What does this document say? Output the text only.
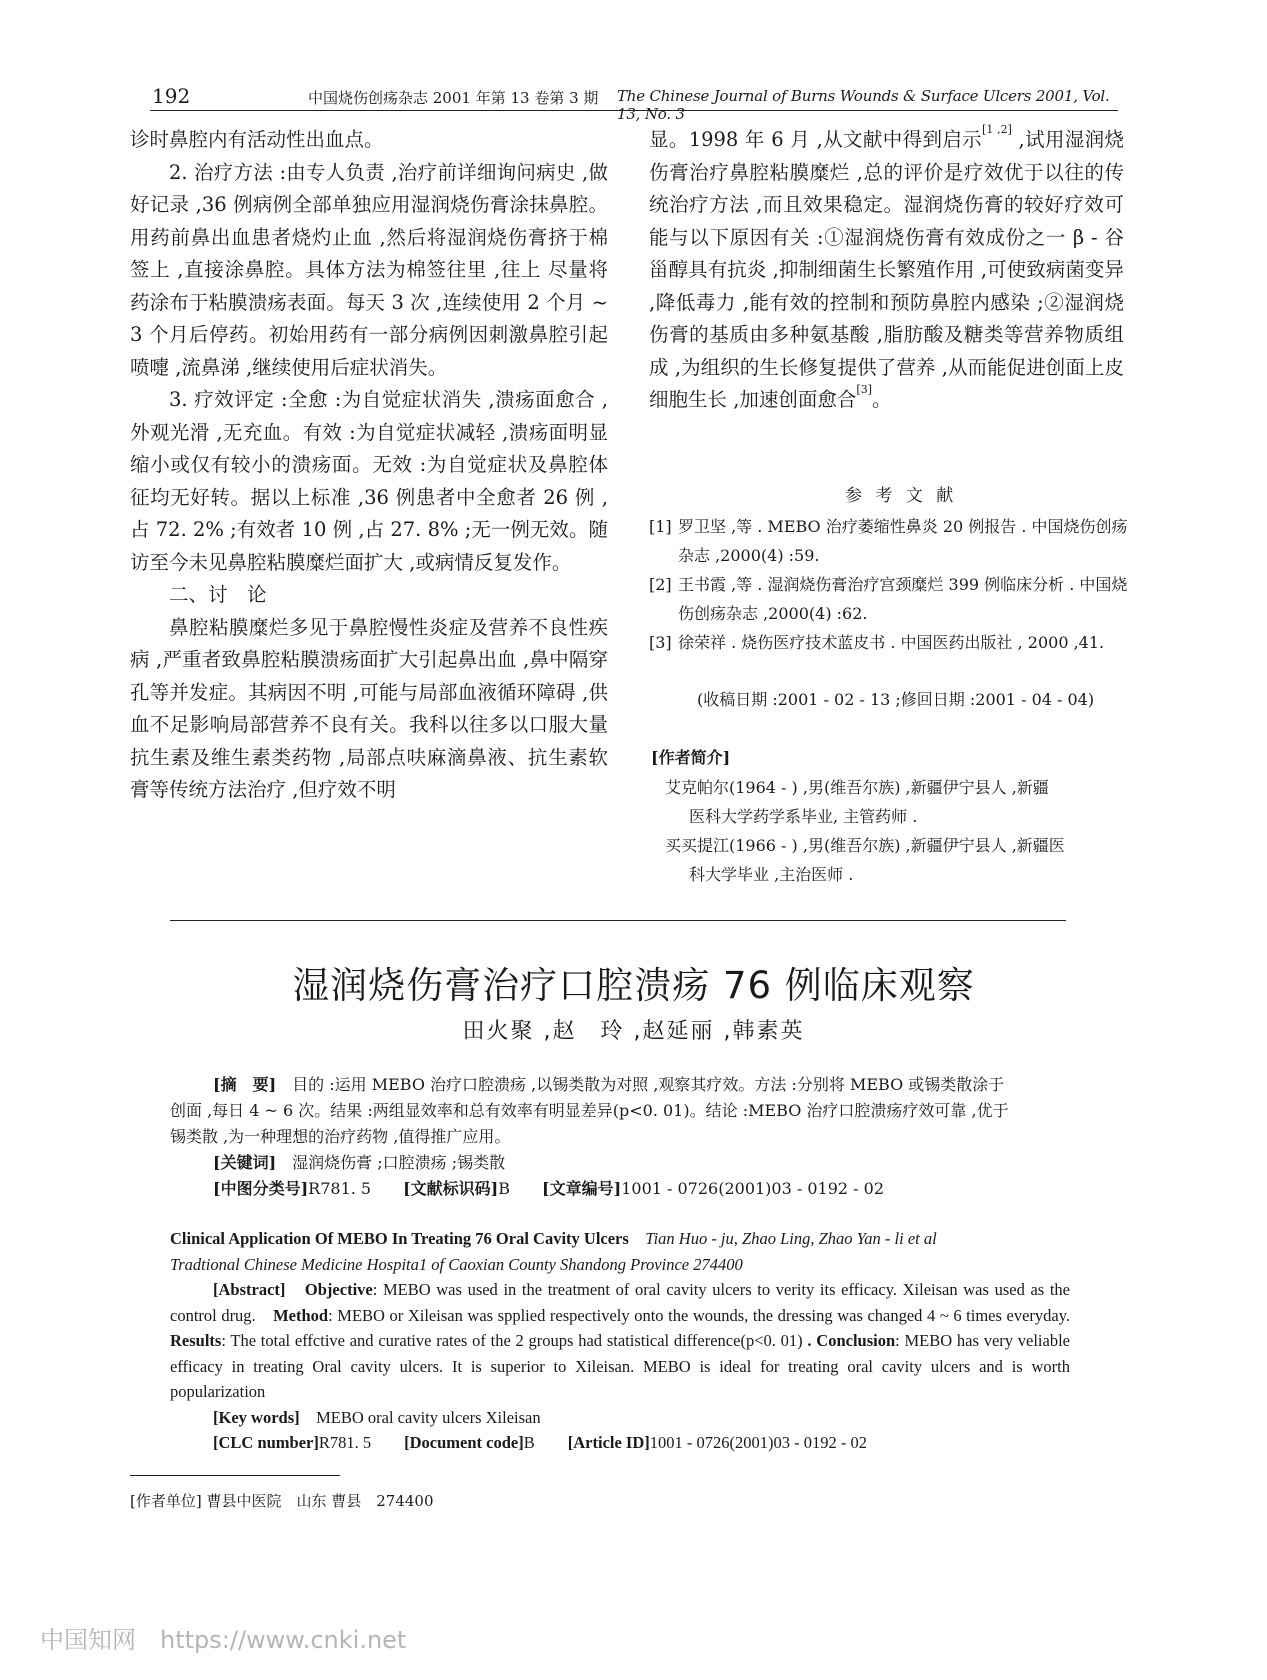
192	中国烧伤创疡杂志 2001 年第 13 卷第 3 期 The Chinese Journal of Burns Wounds & Surface Ulcers 2001, Vol. 13, No. 3

诊时鼻腔内有活动性出血点。

2. 治疗方法 :由专人负责 ,治疗前详细询问病史 ,做好记录 ,36 例病例全部单独应用湿润烧伤膏涂抹鼻腔。用药前鼻出血患者烧灼止血 ,然后将湿润烧伤膏挤于棉签上 ,直接涂鼻腔。具体方法为棉签往里 ,往上 尽量将药涂布于粘膜溃疡表面。每天 3 次 ,连续使用 2 个月 ~ 3 个月后停药。初始用药有一部分病例因刺激鼻腔引起喷嚏 ,流鼻涕 ,继续使用后症状消失。

3. 疗效评定 :全愈 :为自觉症状消失 ,溃疡面愈合 ,外观光滑 ,无充血。有效 :为自觉症状减轻 ,溃疡面明显缩小或仅有较小的溃疡面。无效 :为自觉症状及鼻腔体征均无好转。据以上标准 ,36 例患者中全愈者 26 例 ,占 72. 2% ;有效者 10 例 ,占 27. 8% ;无一例无效。随访至今未见鼻腔粘膜糜烂面扩大 ,或病情反复发作。

二、讨　论

鼻腔粘膜糜烂多见于鼻腔慢性炎症及营养不良性疾病 ,严重者致鼻腔粘膜溃疡面扩大引起鼻出血 ,鼻中隔穿孔等并发症。其病因不明 ,可能与局部血液循环障碍 ,供血不足影响局部营养不良有关。我科以往多以口服大量抗生素及维生素类药物 ,局部点呋麻滴鼻液、抗生素软膏等传统方法治疗 ,但疗效不明

显。1998 年 6 月 ,从文献中得到启示[1 ,2] ,试用湿润烧伤膏治疗鼻腔粘膜糜烂 ,总的评价是疗效优于以往的传统治疗方法 ,而且效果稳定。湿润烧伤膏的较好疗效可能与以下原因有关 :①湿润烧伤膏有效成份之一 β - 谷甾醇具有抗炎 ,抑制细菌生长繁殖作用 ,可使致病菌变异 ,降低毒力 ,能有效的控制和预防鼻腔内感染 ;②湿润烧伤膏的基质由多种氨基酸 ,脂肪酸及糖类等营养物质组成 ,为组织的生长修复提供了营养 ,从而能促进创面上皮细胞生长 ,加速创面愈合[3]。

参 考 文 献
[1] 罗卫坚 ,等 . MEBO 治疗萎缩性鼻炎 20 例报告 . 中国烧伤创疡杂志 ,2000(4) :59.
[2] 王书霞 ,等 . 湿润烧伤膏治疗宫颈糜烂 399 例临床分析 . 中国烧伤创疡杂志 ,2000(4) :62.
[3] 徐荣祥 . 烧伤医疗技术蓝皮书 . 中国医药出版社 , 2000 ,41.
(收稿日期 :2001 - 02 - 13 ;修回日期 :2001 - 04 - 04)
[作者简介]
艾克帕尔(1964 - ) ,男(维吾尔族) ,新疆伊宁县人 ,新疆
医科大学药学系毕业, 主管药师 .
买买提江(1966 - ) ,男(维吾尔族) ,新疆伊宁县人 ,新疆医
科大学毕业 ,主治医师 .
湿润烧伤膏治疗口腔溃疡 76 例临床观察
田火聚 ,赵　玲 ,赵延丽 ,韩素英
[摘　要]　 目的 :运用 MEBO 治疗口腔溃疡 ,以锡类散为对照 ,观察其疗效。方法 :分别将 MEBO 或锡类散涂于
创面 ,每日 4 ~ 6 次。结果 :两组显效率和总有效率有明显差异(p<0. 01)。结论 :MEBO 治疗口腔溃疡疗效可靠 ,优于
锡类散 ,为一种理想的治疗药物 ,值得推广应用。
[关键词]　 湿润烧伤膏 ;口腔溃疡 ;锡类散
[中图分类号]R781. 5　　 [文献标识码]B　　 [文章编号]1001 - 0726(2001)03 - 0192 - 02
Clinical Application Of MEBO In Treating 76 Oral Cavity Ulcers　 Tian Huo - ju, Zhao Ling, Zhao Yan - li et al
Tradtional Chinese Medicine Hospita1 of Caoxian County Shandong Province 274400
[Abstract]　 Objective: MEBO was used in the treatment of oral cavity ulcers to verity its efficacy. Xileisan was used as the control drug.　 Method: MEBO or Xileisan was spplied respectively onto the wounds, the dressing was changed 4 ~ 6 times everyday.　Results: The total effctive and curative rates of the 2 groups had statistical difference(p<0. 01) . Conclusion: MEBO has very veliable efficacy in treating Oral cavity ulcers. It is superior to Xileisan. MEBO is ideal for treating oral cavity ulcers and is worth popularization
[Key words]　 MEBO oral cavity ulcers Xileisan
[CLC number]R781. 5　　 [Document code]B　　 [Article ID]1001 - 0726(2001)03 - 0192 - 02
[作者单位] 曹县中医院　山东 曹县　274400
中国知网 https://www.cnki.net
